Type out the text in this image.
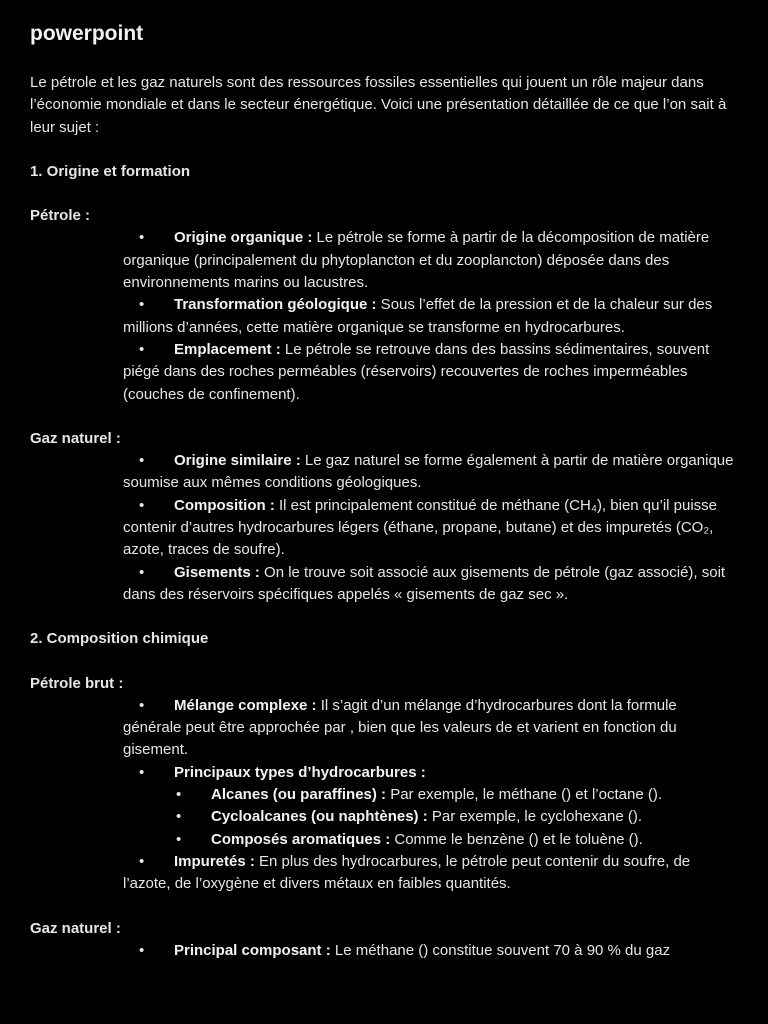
powerpoint

Le pétrole et les gaz naturels sont des ressources fossiles essentielles qui jouent un rôle majeur dans l’économie mondiale et dans le secteur énergétique. Voici une présentation détaillée de ce que l’on sait à leur sujet :

1. Origine et formation

Pétrole :

• Origine organique : Le pétrole se forme à partir de la décomposition de matière organique (principalement du phytoplancton et du zooplancton) déposée dans des environnements marins ou lacustres.
• Transformation géologique : Sous l’effet de la pression et de la chaleur sur des millions d’années, cette matière organique se transforme en hydrocarbures.
• Emplacement : Le pétrole se retrouve dans des bassins sédimentaires, souvent piégé dans des roches perméables (réservoirs) recouvertes de roches imperméables (couches de confinement).

Gaz naturel :

• Origine similaire : Le gaz naturel se forme également à partir de matière organique soumise aux mêmes conditions géologiques.
• Composition : Il est principalement constitué de méthane (CH₄), bien qu’il puisse contenir d’autres hydrocarbures légers (éthane, propane, butane) et des impuretés (CO₂, azote, traces de soufre).
• Gisements : On le trouve soit associé aux gisements de pétrole (gaz associé), soit dans des réservoirs spécifiques appelés « gisements de gaz sec ».

2. Composition chimique

Pétrole brut :

• Mélange complexe : Il s’agit d’un mélange d’hydrocarbures dont la formule générale peut être approchée par , bien que les valeurs de et varient en fonction du gisement.
• Principaux types d’hydrocarbures :
• Alcanes (ou paraffines) : Par exemple, le méthane () et l’octane ().
• Cycloalcanes (ou naphtènes) : Par exemple, le cyclohexane ().
• Composés aromatiques : Comme le benzène () et le toluène ().
• Impuretés : En plus des hydrocarbures, le pétrole peut contenir du soufre, de l’azote, de l’oxygène et divers métaux en faibles quantités.

Gaz naturel :

• Principal composant : Le méthane () constitue souvent 70 à 90 % du gaz
